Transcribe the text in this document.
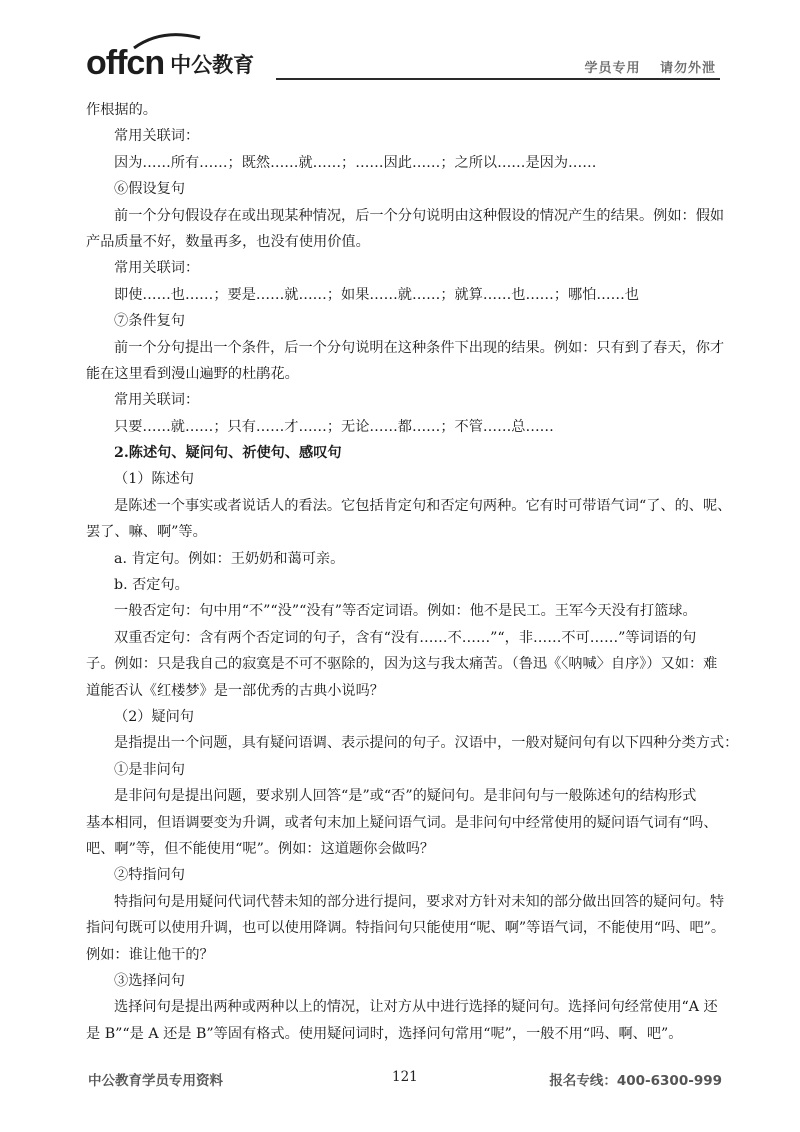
offcn 中公教育	学员专用 请勿外泄

作根据的。

常用关联词：

因为……所有……；既然……就……；……因此……；之所以……是因为……

⑥假设复句

前一个分句假设存在或出现某种情况，后一个分句说明由这种假设的情况产生的结果。例如：假如

产品质量不好，数量再多，也没有使用价值。

常用关联词：

即使……也……；要是……就……；如果……就……；就算……也……；哪怕……也

⑦条件复句

前一个分句提出一个条件，后一个分句说明在这种条件下出现的结果。例如：只有到了春天，你才

能在这里看到漫山遍野的杜鹃花。

常用关联词：

只要……就……；只有……才……；无论……都……；不管……总……

2.陈述句、疑问句、祈使句、感叹句

（1）陈述句

是陈述一个事实或者说话人的看法。它包括肯定句和否定句两种。它有时可带语气词“了、的、呢、

罢了、嘛、啊”等。

a. 肯定句。例如：王奶奶和蔼可亲。

b. 否定句。

一般否定句：句中用“不”“没”“没有”等否定词语。例如：他不是民工。王军今天没有打篮球。

双重否定句：含有两个否定词的句子，含有“没有……不……”“，非……不可……”等词语的句

子。例如：只是我自己的寂寞是不可不驱除的，因为这与我太痛苦。（鲁迅《〈呐喊〉自序》）又如：难

道能否认《红楼梦》是一部优秀的古典小说吗？

（2）疑问句

是指提出一个问题，具有疑问语调、表示提问的句子。汉语中，一般对疑问句有以下四种分类方式：

①是非问句

是非问句是提出问题，要求别人回答“是”或“否”的疑问句。是非问句与一般陈述句的结构形式

基本相同，但语调要变为升调，或者句末加上疑问语气词。是非问句中经常使用的疑问语气词有“吗、

吧、啊”等，但不能使用“呢”。例如：这道题你会做吗？

②特指问句

特指问句是用疑问代词代替未知的部分进行提问，要求对方针对未知的部分做出回答的疑问句。特

指问句既可以使用升调，也可以使用降调。特指问句只能使用“呢、啊”等语气词，不能使用“吗、吧”。

例如：谁让他干的？

③选择问句

选择问句是提出两种或两种以上的情况，让对方从中进行选择的疑问句。选择问句经常使用“A 还

是 B”“是 A 还是 B”等固有格式。使用疑问词时，选择问句常用“呢”，一般不用“吗、啊、吧”。

中公教育学员专用资料	121	报名专线：400-6300-999
